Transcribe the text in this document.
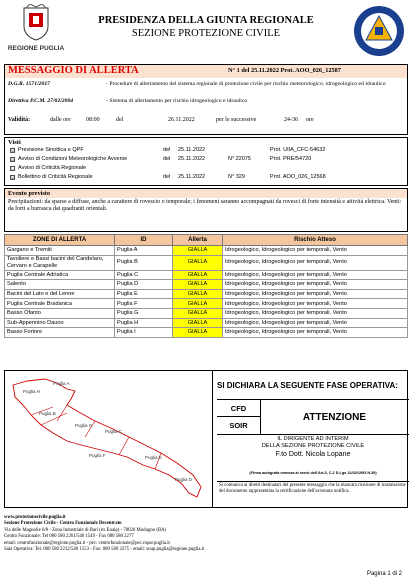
REGIONE PUGLIA
PRESIDENZA DELLA GIUNTA REGIONALE
SEZIONE PROTEZIONE CIVILE
MESSAGGIO DI ALLERTA	N° 1 del 25.11.2022 Prot. AOO_026_12587
D.G.R. 1571/2017	- Procedure di allertamento del sistema regionale di protezione civile per rischio meteorologico, idrogeologico ed idraulico
Direttiva P.C.M. 27/02/2004	- Sistema di allertamento per rischio idrogeologico e idraulico
Validità:	dalle ore	08:00	del	26.11.2022	per le successive	24-36 ore
Visti
☑ Previsione Sinottica e QPF	del 25.11.2022	Prot. UIIA_CFC-54632
☑ Avviso di Condizioni Meteorologiche Avverse	del 25.11.2022	N° 22075	Prot. PRE/54720
☐ Avviso di Criticità Regionale
☑ Bollettino di Criticità Regionale	del 25.11.2022	N° 329	Prot. AOO_026_12568
Evento previsto
Precipitazioni: da sparse a diffuse, anche a carattere di rovescio o temporale; i fenomeni saranno accompagnati da rovesci di forte intensità e attività elettrica. Venti: da forti a burrasca dai quadranti orientali.
ZONE DI ALLERTA	ID	Allerta	Rischio Atteso
Gargano e Tremiti	Puglia A	GIALLA	Idrogeologico, Idrogeologico per temporali, Vento
Tavoliere e Bassi bacini del Candelaro, Cervaro e Carapelle	Puglia B	GIALLA	Idrogeologico, Idrogeologico per temporali, Vento
Puglia Centrale Adriatica	Puglia C	GIALLA	Idrogeologico, Idrogeologico per temporali, Vento
Salento	Puglia D	GIALLA	Idrogeologico, Idrogeologico per temporali, Vento
Bacini del Lato e del Lenne	Puglia E	GIALLA	Idrogeologico, Idrogeologico per temporali, Vento
Puglia Centrale Bradanica	Puglia F	GIALLA	Idrogeologico, Idrogeologico per temporali, Vento
Basso Ofanto	Puglia G	GIALLA	Idrogeologico, Idrogeologico per temporali, Vento
Sub-Appennino Dauno	Puglia H	GIALLA	Idrogeologico, Idrogeologico per temporali, Vento
Basso Fortore	Puglia I	GIALLA	Idrogeologico, Idrogeologico per temporali, Vento
Puglia H
Puglia A
Puglia B
Puglia G
Puglia C
Puglia F	Puglia E
Puglia D
SI DICHIARA LA SEGUENTE FASE OPERATIVA:
CFD
SOIR
ATTENZIONE
IL DIRIGENTE AD INTERIM
DELLA SEZIONE PROTEZIONE CIVILE
F.to Dott. Nicola Lopane
(Firma autografa omessa ai sensi dell'Art.3, C.2 D.Lgs 12/02/1993 N.39)
Si comunica ai diretti destinatari del presente messaggio che la mancata ricezione di trasmissione del documento rappresentata la certificazione dell'avvenuta notifica.
www.protezionecivile.puglia.it
Sezione Protezione Civile - Centro Funzionale Decentrato
Via delle Magnolie 6/8 - Zona Industriale di Bari (ex Enaip) - 70026 Modugno (BA)
Centro Funzionale: Tel 080 580 2261/540 1549 - Fax 080 580 2277
email: centrofunzionale@regione.puglia.it - pec: centrofunzionale@pec.rupar.puglia.it
Sala Operativa: Tel. 080 580 2212/540 1553 - Fax: 080 580 2275 - email: soup.puglia@regione.puglia.it
Pagina 1 di 2
